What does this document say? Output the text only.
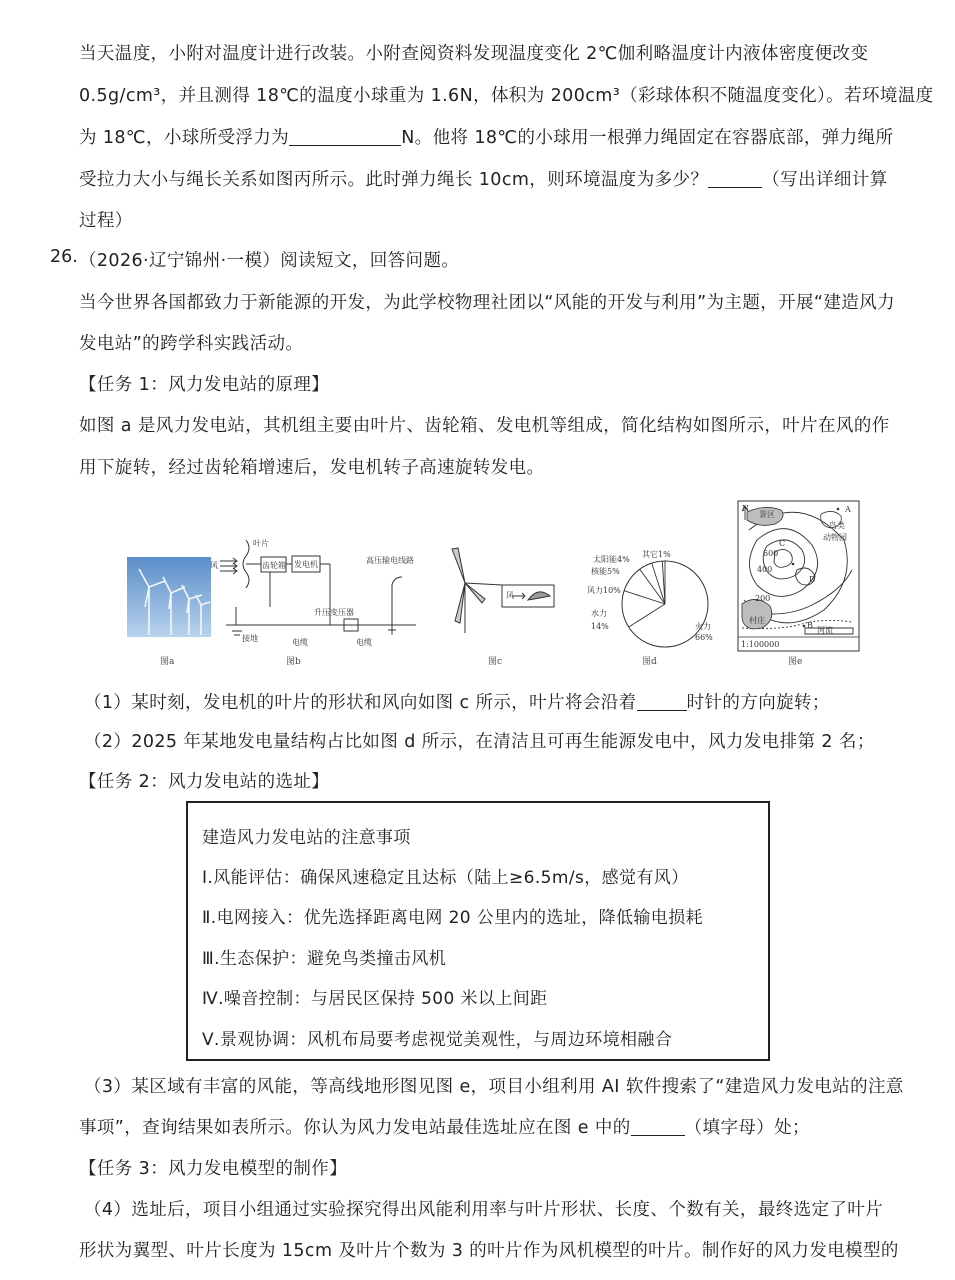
当天温度，小附对温度计进行改装。小附查阅资料发现温度变化 2℃伽利略温度计内液体密度便改变
0.5g/cm³，并且测得 18℃的温度小球重为 1.6N，体积为 200cm³（彩球体积不随温度变化）。若环境温度
为 18℃，小球所受浮力为	N。他将 18℃的小球用一根弹力绳固定在容器底部，弹力绳所
受拉力大小与绳长关系如图丙所示。此时弹力绳长 10cm，则环境温度为多少？	（写出详细计算
过程）
26. （2026·辽宁锦州·一模）阅读短文，回答问题。
当今世界各国都致力于新能源的开发，为此学校物理社团以“风能的开发与利用”为主题，开展“建造风力
发电站”的跨学科实践活动。
【任务 1：风力发电站的原理】
如图 a 是风力发电站，其机组主要由叶片、齿轮箱、发电机等组成，简化结构如图所示，叶片在风的作
用下旋转，经过齿轮箱增速后，发电机转子高速旋转发电。
图a
叶片
风	齿轮箱 发电机	高压输电线路
升压变压器
接地	电缆	电缆
图b
风
图c
太阳能4%
其它1%
核能5%
风力10%
水力
14%	火力
66%
图d
N
景区
A
鸟类
动物园
600
C
400
D
200
村庄
B
河流
1:100000
图e
（1）某时刻，发电机的叶片的形状和风向如图 c 所示，叶片将会沿着	时针的方向旋转；
（2）2025 年某地发电量结构占比如图 d 所示，在清洁且可再生能源发电中，风力发电排第 2 名；
【任务 2：风力发电站的选址】
建造风力发电站的注意事项
Ⅰ.风能评估：确保风速稳定且达标（陆上≥6.5m/s，感觉有风）
Ⅱ.电网接入：优先选择距离电网 20 公里内的选址，降低输电损耗
Ⅲ.生态保护：避免鸟类撞击风机
Ⅳ.噪音控制：与居民区保持 500 米以上间距
Ⅴ.景观协调：风机布局要考虑视觉美观性，与周边环境相融合
（3）某区域有丰富的风能，等高线地形图见图 e，项目小组利用 AI 软件搜索了“建造风力发电站的注意
事项”，查询结果如表所示。你认为风力发电站最佳选址应在图 e 中的	（填字母）处；
【任务 3：风力发电模型的制作】
（4）选址后，项目小组通过实验探究得出风能利用率与叶片形状、长度、个数有关，最终选定了叶片
形状为翼型、叶片长度为 15cm 及叶片个数为 3 的叶片作为风机模型的叶片。制作好的风力发电模型的
